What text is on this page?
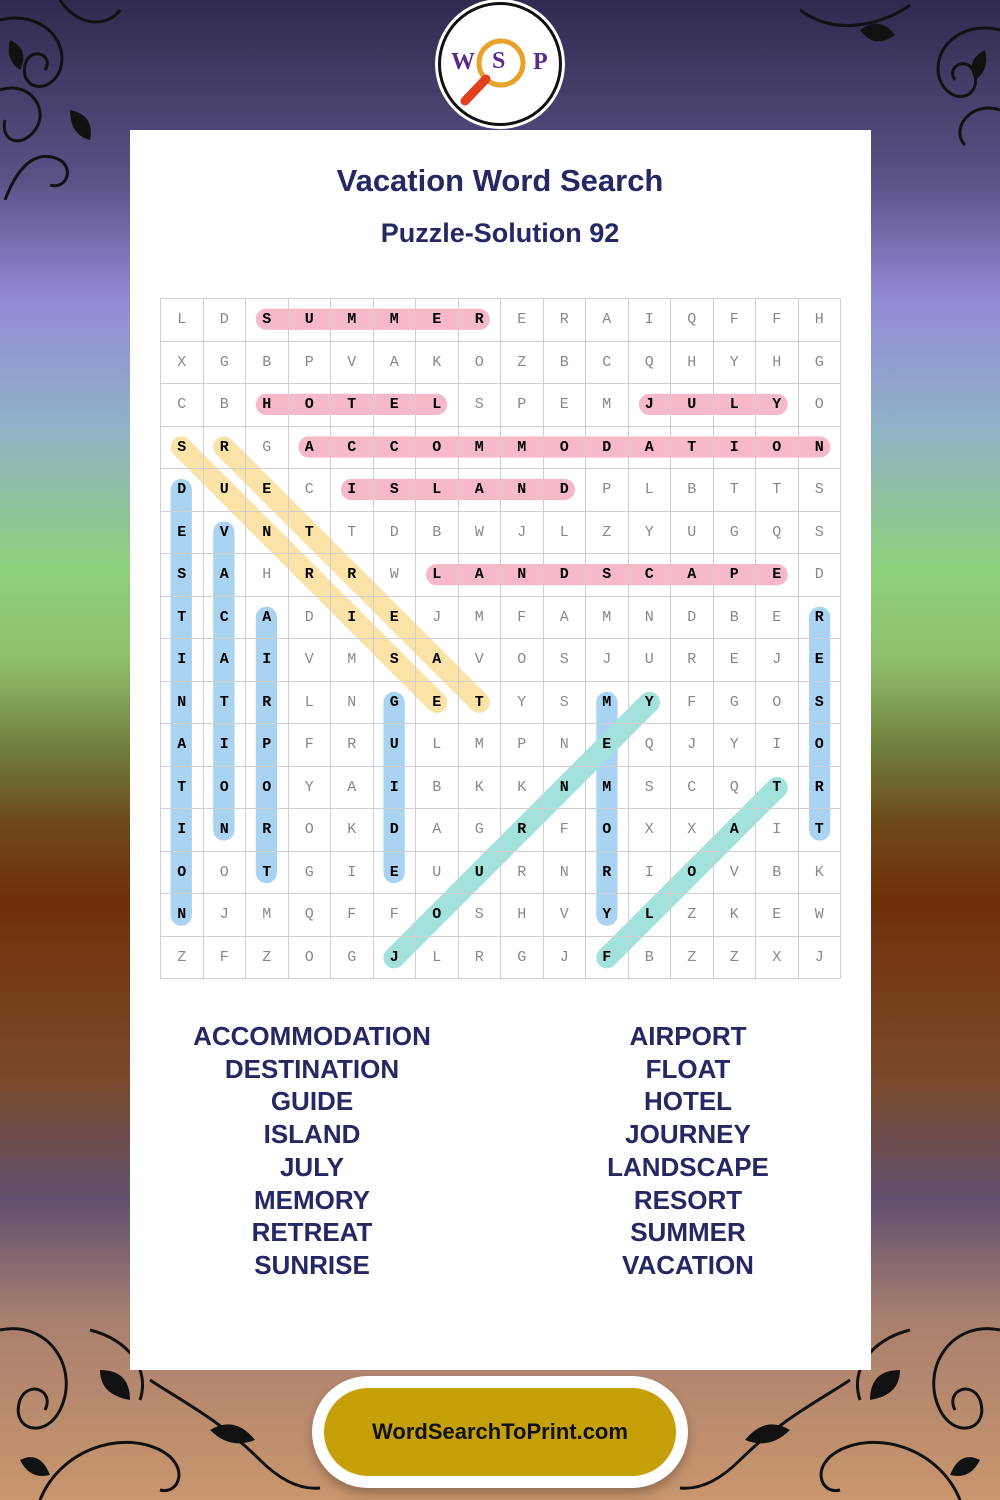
W S P
Vacation Word Search
Puzzle-Solution 92
L	D	S	U	M	M	E	R	E	R	A	I	Q	F	F	H
X	G	B	P	V	A	K	O	Z	B	C	Q	H	Y	H	G
C	B	H	O	T	E	L	S	P	E	M	J	U	L	Y	O
S	R	G	A	C	C	O	M	M	O	D	A	T	I	O	N
D	U	E	C	I	S	L	A	N	D	P	L	B	T	T	S
E	V	N	T	T	D	B	W	J	L	Z	Y	U	G	Q	S
S	A	H	R	R	W	L	A	N	D	S	C	A	P	E	D
T	C	A	D	I	E	J	M	F	A	M	N	D	B	E	R
I	A	I	V	M	S	A	V	O	S	J	U	R	E	J	E
N	T	R	L	N	G	E	T	Y	S	M	Y	F	G	O	S
A	I	P	F	R	U	L	M	P	N	E	Q	J	Y	I	O
T	O	O	Y	A	I	B	K	K	N	M	S	C	Q	T	R
I	N	R	O	K	D	A	G	R	F	O	X	X	A	I	T
O	O	T	G	I	E	U	U	R	N	R	I	O	V	B	K
N	J	M	Q	F	F	O	S	H	V	Y	L	Z	K	E	W
Z	F	Z	O	G	J	L	R	G	J	F	B	Z	Z	X	J
ACCOMMODATION
DESTINATION
GUIDE
ISLAND
JULY
MEMORY
RETREAT
SUNRISE
AIRPORT
FLOAT
HOTEL
JOURNEY
LANDSCAPE
RESORT
SUMMER
VACATION
WordSearchToPrint.com
